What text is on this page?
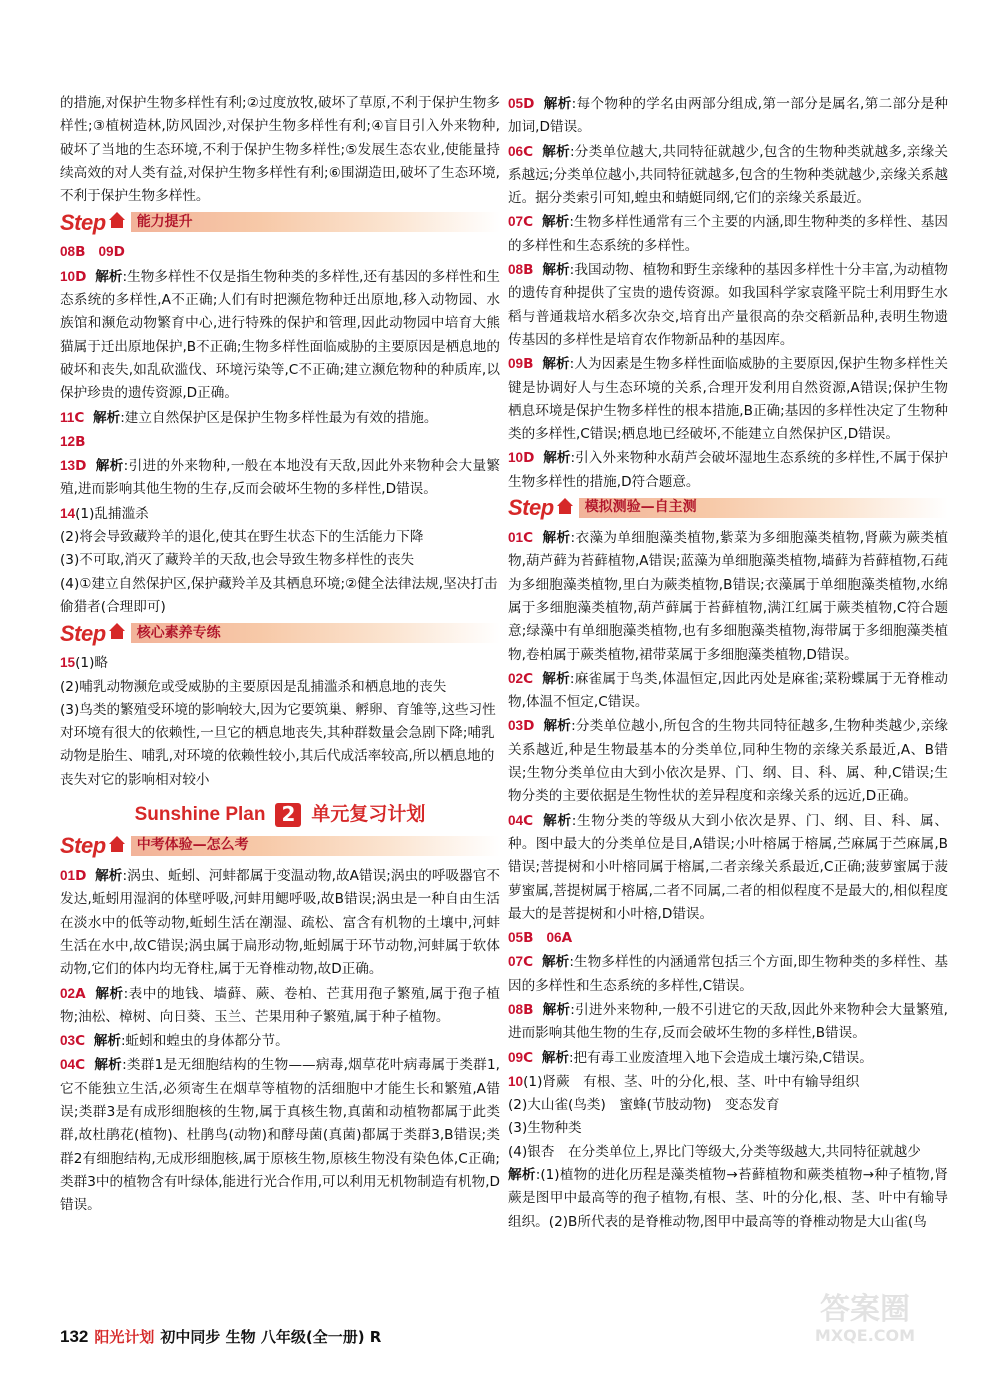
的措施,对保护生物多样性有利;②过度放牧,破坏了草原,不利于保护生物多样性;③植树造林,防风固沙,对保护生物多样性有利;④盲目引入外来物种,破坏了当地的生态环境,不利于保护生物多样性;⑤发展生态农业,使能量持续高效的对人类有益,对保护生物多样性有利;⑥围湖造田,破坏了生态环境,不利于保护生物多样性。

Step	能力提升

08B 09D

10D 解析:生物多样性不仅是指生物种类的多样性,还有基因的多样性和生态系统的多样性,A不正确;人们有时把濒危物种迁出原地,移入动物园、水族馆和濒危动物繁育中心,进行特殊的保护和管理,因此动物园中培育大熊猫属于迁出原地保护,B不正确;生物多样性面临威胁的主要原因是栖息地的破坏和丧失,如乱砍滥伐、环境污染等,C不正确;建立濒危物种的种质库,以保护珍贵的遗传资源,D正确。

11C 解析:建立自然保护区是保护生物多样性最为有效的措施。

12B

13D 解析:引进的外来物种,一般在本地没有天敌,因此外来物种会大量繁殖,进而影响其他生物的生存,反而会破坏生物的多样性,D错误。

14(1)乱捕滥杀
(2)将会导致藏羚羊的退化,使其在野生状态下的生活能力下降
(3)不可取,消灭了藏羚羊的天敌,也会导致生物多样性的丧失
(4)①建立自然保护区,保护藏羚羊及其栖息环境;②健全法律法规,坚决打击偷猎者(合理即可)
Step	核心素养专练
15(1)略
(2)哺乳动物濒危或受威胁的主要原因是乱捕滥杀和栖息地的丧失
(3)鸟类的繁殖受环境的影响较大,因为它要筑巢、孵卵、育雏等,这些习性对环境有很大的依赖性,一旦它的栖息地丧失,其种群数量会急剧下降;哺乳动物是胎生、哺乳,对环境的依赖性较小,其后代成活率较高,所以栖息地的丧失对它的影响相对较小
Sunshine Plan 2 单元复习计划
Step	中考体验—怎么考

01D 解析:涡虫、蚯蚓、河蚌都属于变温动物,故A错误;涡虫的呼吸器官不发达,蚯蚓用湿润的体壁呼吸,河蚌用鳃呼吸,故B错误;涡虫是一种自由生活在淡水中的低等动物,蚯蚓生活在潮湿、疏松、富含有机物的土壤中,河蚌生活在水中,故C错误;涡虫属于扁形动物,蚯蚓属于环节动物,河蚌属于软体动物,它们的体内均无脊柱,属于无脊椎动物,故D正确。

02A 解析:表中的地钱、墙藓、蕨、卷柏、芒萁用孢子繁殖,属于孢子植物;油松、樟树、向日葵、玉兰、芒果用种子繁殖,属于种子植物。

03C 解析:蚯蚓和蝗虫的身体都分节。

04C 解析:类群1是无细胞结构的生物——病毒,烟草花叶病毒属于类群1,它不能独立生活,必须寄生在烟草等植物的活细胞中才能生长和繁殖,A错误;类群3是有成形细胞核的生物,属于真核生物,真菌和动植物都属于此类群,故杜鹃花(植物)、杜鹃鸟(动物)和酵母菌(真菌)都属于类群3,B错误;类群2有细胞结构,无成形细胞核,属于原核生物,原核生物没有染色体,C正确;类群3中的植物含有叶绿体,能进行光合作用,可以利用无机物制造有机物,D错误。

05D 解析:每个物种的学名由两部分组成,第一部分是属名,第二部分是种加词,D错误。

06C 解析:分类单位越大,共同特征就越少,包含的生物种类就越多,亲缘关系越远;分类单位越小,共同特征就越多,包含的生物种类就越少,亲缘关系越近。据分类索引可知,蝗虫和蜻蜓同纲,它们的亲缘关系最近。

07C 解析:生物多样性通常有三个主要的内涵,即生物种类的多样性、基因的多样性和生态系统的多样性。

08B 解析:我国动物、植物和野生亲缘种的基因多样性十分丰富,为动植物的遗传育种提供了宝贵的遗传资源。如我国科学家袁隆平院士利用野生水稻与普通栽培水稻多次杂交,培育出产量很高的杂交稻新品种,表明生物遗传基因的多样性是培育农作物新品种的基因库。

09B 解析:人为因素是生物多样性面临威胁的主要原因,保护生物多样性关键是协调好人与生态环境的关系,合理开发利用自然资源,A错误;保护生物栖息环境是保护生物多样性的根本措施,B正确;基因的多样性决定了生物种类的多样性,C错误;栖息地已经破坏,不能建立自然保护区,D错误。

10D 解析:引入外来物种水葫芦会破坏湿地生态系统的多样性,不属于保护生物多样性的措施,D符合题意。

Step	模拟测验—自主测

01C 解析:衣藻为单细胞藻类植物,紫菜为多细胞藻类植物,肾蕨为蕨类植物,葫芦藓为苔藓植物,A错误;蓝藻为单细胞藻类植物,墙藓为苔藓植物,石莼为多细胞藻类植物,里白为蕨类植物,B错误;衣藻属于单细胞藻类植物,水绵属于多细胞藻类植物,葫芦藓属于苔藓植物,满江红属于蕨类植物,C符合题意;绿藻中有单细胞藻类植物,也有多细胞藻类植物,海带属于多细胞藻类植物,卷柏属于蕨类植物,裙带菜属于多细胞藻类植物,D错误。

02C 解析:麻雀属于鸟类,体温恒定,因此丙处是麻雀;菜粉蝶属于无脊椎动物,体温不恒定,C错误。

03D 解析:分类单位越小,所包含的生物共同特征越多,生物种类越少,亲缘关系越近,种是生物最基本的分类单位,同种生物的亲缘关系最近,A、B错误;生物分类单位由大到小依次是界、门、纲、目、科、属、种,C错误;生物分类的主要依据是生物性状的差异程度和亲缘关系的远近,D正确。

04C 解析:生物分类的等级从大到小依次是界、门、纲、目、科、属、种。图中最大的分类单位是目,A错误;小叶榕属于榕属,苎麻属于苎麻属,B错误;菩提树和小叶榕同属于榕属,二者亲缘关系最近,C正确;菠萝蜜属于菠萝蜜属,菩提树属于榕属,二者不同属,二者的相似程度不是最大的,相似程度最大的是菩提树和小叶榕,D错误。

05B 06A

07C 解析:生物多样性的内涵通常包括三个方面,即生物种类的多样性、基因的多样性和生态系统的多样性,C错误。

08B 解析:引进外来物种,一般不引进它的天敌,因此外来物种会大量繁殖,进而影响其他生物的生存,反而会破坏生物的多样性,B错误。

09C 解析:把有毒工业废渣埋入地下会造成土壤污染,C错误。

10(1)肾蕨　有根、茎、叶的分化,根、茎、叶中有输导组织
(2)大山雀(鸟类)　蜜蜂(节肢动物)　变态发育
(3)生物种类
(4)银杏　在分类单位上,界比门等级大,分类等级越大,共同特征就越少

解析:(1)植物的进化历程是藻类植物→苔藓植物和蕨类植物→种子植物,肾蕨是图甲中最高等的孢子植物,有根、茎、叶的分化,根、茎、叶中有输导组织。(2)B所代表的是脊椎动物,图甲中最高等的脊椎动物是大山雀(鸟

132 阳光计划 初中同步 生物 八年级(全一册) R
答案圈
MXQE.COM
